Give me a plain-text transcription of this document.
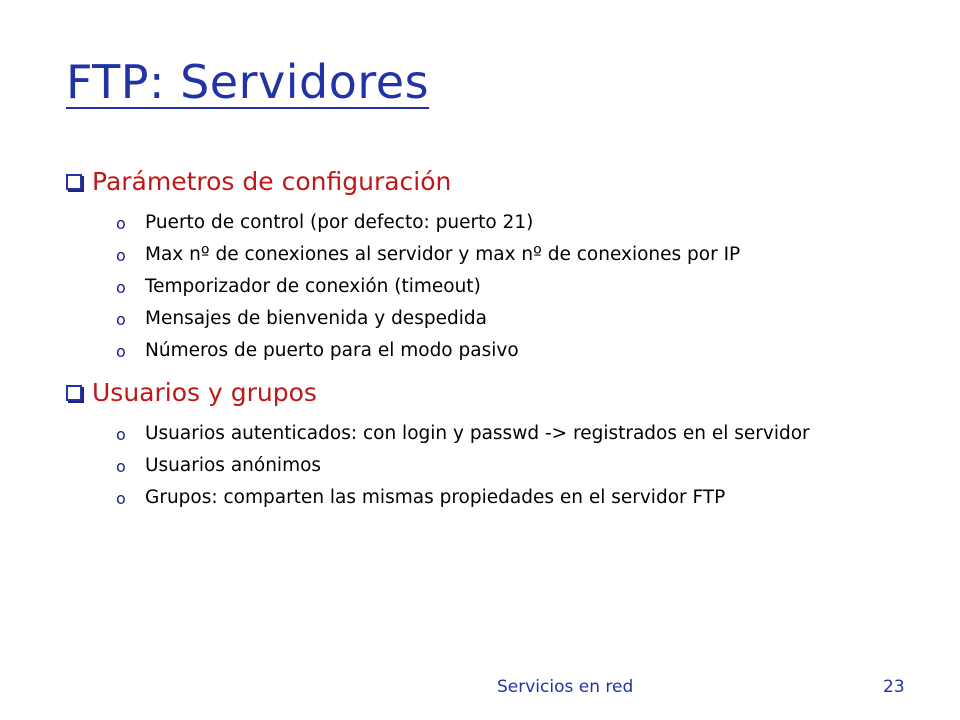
FTP: Servidores
Parámetros de configuración
o Puerto de control (por defecto: puerto 21)
o Max nº de conexiones al servidor y max nº de conexiones por IP
o Temporizador de conexión (timeout)
o Mensajes de bienvenida y despedida
o Números de puerto para el modo pasivo
Usuarios y grupos
o Usuarios autenticados: con login y passwd -> registrados en el servidor
o Usuarios anónimos
o Grupos: comparten las mismas propiedades en el servidor FTP
Servicios en red	23
